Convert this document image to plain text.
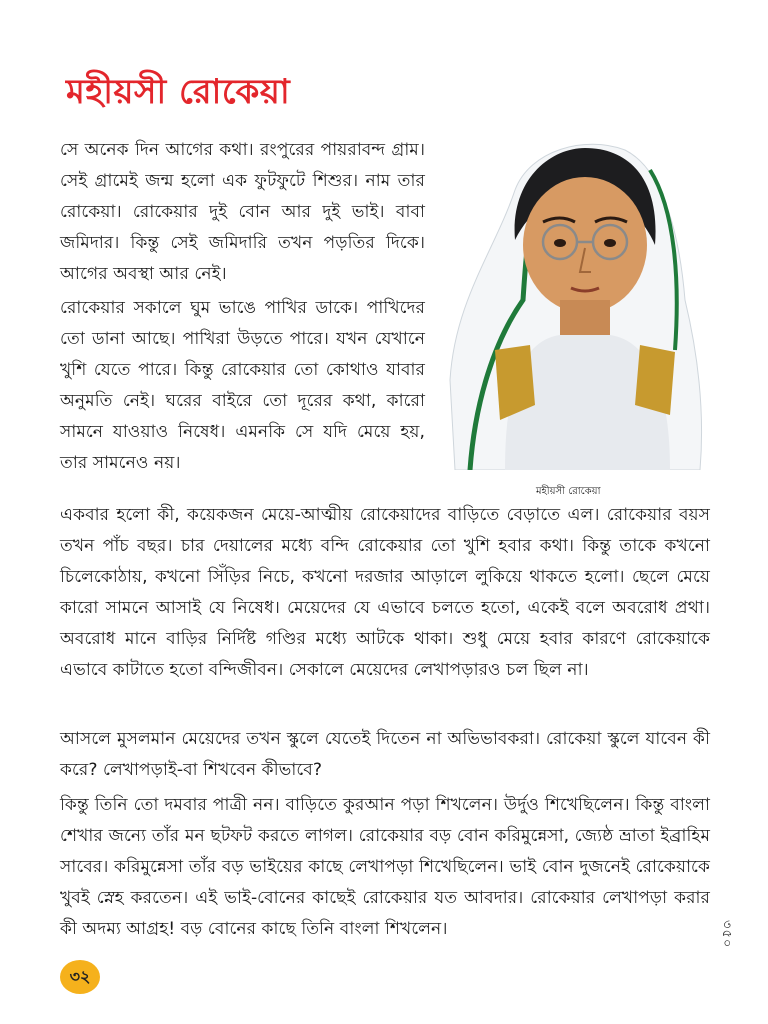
মহীয়সী রোকেয়া

সে অনেক দিন আগের কথা। রংপুরের পায়রাবন্দ গ্রাম। সেই গ্রামেই জন্ম হলো এক ফুটফুটে শিশুর। নাম তার রোকেয়া। রোকেয়ার দুই বোন আর দুই ভাই। বাবা জমিদার। কিন্তু সেই জমিদারি তখন পড়তির দিকে। আগের অবস্থা আর নেই।

রোকেয়ার সকালে ঘুম ভাঙে পাখির ডাকে। পাখিদের তো ডানা আছে। পাখিরা উড়তে পারে। যখন যেখানে খুশি যেতে পারে। কিন্তু রোকেয়ার তো কোথাও যাবার অনুমতি নেই। ঘরের বাইরে তো দূরের কথা, কারো সামনে যাওয়াও নিষেধ। এমনকি সে যদি মেয়ে হয়, তার সামনেও নয়।

মহীয়সী রোকেয়া

একবার হলো কী, কয়েকজন মেয়ে-আত্মীয় রোকেয়াদের বাড়িতে বেড়াতে এল। রোকেয়ার বয়স তখন পাঁচ বছর। চার দেয়ালের মধ্যে বন্দি রোকেয়ার তো খুশি হবার কথা। কিন্তু তাকে কখনো চিলেকোঠায়, কখনো সিঁড়ির নিচে, কখনো দরজার আড়ালে লুকিয়ে থাকতে হলো। ছেলে মেয়ে কারো সামনে আসাই যে নিষেধ। মেয়েদের যে এভাবে চলতে হতো, একেই বলে অবরোধ প্রথা। অবরোধ মানে বাড়ির নির্দিষ্ট গণ্ডির মধ্যে আটকে থাকা। শুধু মেয়ে হবার কারণে রোকেয়াকে এভাবে কাটাতে হতো বন্দিজীবন। সেকালে মেয়েদের লেখাপড়ারও চল ছিল না।

আসলে মুসলমান মেয়েদের তখন স্কুলে যেতেই দিতেন না অভিভাবকরা। রোকেয়া স্কুলে যাবেন কী করে? লেখাপড়াই-বা শিখবেন কীভাবে?

কিন্তু তিনি তো দমবার পাত্রী নন। বাড়িতে কুরআন পড়া শিখলেন। উর্দুও শিখেছিলেন। কিন্তু বাংলা শেখার জন্যে তাঁর মন ছটফট করতে লাগল। রোকেয়ার বড় বোন করিমুন্নেসা, জ্যেষ্ঠ ভ্রাতা ইব্রাহিম সাবের। করিমুন্নেসা তাঁর বড় ভাইয়ের কাছে লেখাপড়া শিখেছিলেন। ভাই বোন দুজনেই রোকেয়াকে খুবই স্নেহ করতেন। এই ভাই-বোনের কাছেই রোকেয়ার যত আবদার। রোকেয়ার লেখাপড়া করার কী অদম্য আগ্রহ! বড় বোনের কাছে তিনি বাংলা শিখলেন।	৩৫০
৩২
